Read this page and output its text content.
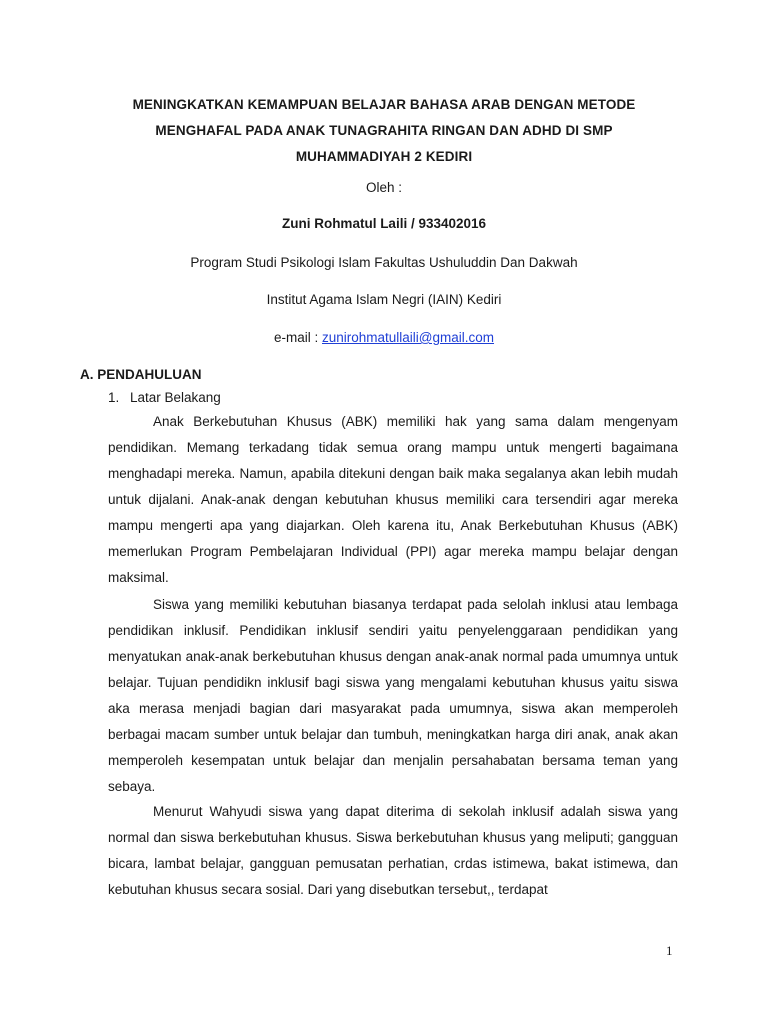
MENINGKATKAN KEMAMPUAN BELAJAR BAHASA ARAB DENGAN METODE
MENGHAFAL PADA ANAK TUNAGRAHITA RINGAN DAN ADHD DI SMP
MUHAMMADIYAH 2 KEDIRI
Oleh :
Zuni Rohmatul Laili / 933402016
Program Studi Psikologi Islam Fakultas Ushuluddin Dan Dakwah
Institut Agama Islam Negri (IAIN) Kediri
e-mail : zunirohmatullaili@gmail.com
A. PENDAHULUAN
1. Latar Belakang

Anak Berkebutuhan Khusus (ABK) memiliki hak yang sama dalam mengenyam pendidikan. Memang terkadang tidak semua orang mampu untuk mengerti bagaimana menghadapi mereka. Namun, apabila ditekuni dengan baik maka segalanya akan lebih mudah untuk dijalani. Anak-anak dengan kebutuhan khusus memiliki cara tersendiri agar mereka mampu mengerti apa yang diajarkan. Oleh karena itu, Anak Berkebutuhan Khusus (ABK) memerlukan Program Pembelajaran Individual (PPI) agar mereka mampu belajar dengan maksimal.

Siswa yang memiliki kebutuhan biasanya terdapat pada selolah inklusi atau lembaga pendidikan inklusif. Pendidikan inklusif sendiri yaitu penyelenggaraan pendidikan yang menyatukan anak-anak berkebutuhan khusus dengan anak-anak normal pada umumnya untuk belajar. Tujuan pendidikn inklusif bagi siswa yang mengalami kebutuhan khusus yaitu siswa aka merasa menjadi bagian dari masyarakat pada umumnya, siswa akan memperoleh berbagai macam sumber untuk belajar dan tumbuh, meningkatkan harga diri anak, anak akan memperoleh kesempatan untuk belajar dan menjalin persahabatan bersama teman yang sebaya.

Menurut Wahyudi siswa yang dapat diterima di sekolah inklusif adalah siswa yang normal dan siswa berkebutuhan khusus. Siswa berkebutuhan khusus yang meliputi; gangguan bicara, lambat belajar, gangguan pemusatan perhatian, crdas istimewa, bakat istimewa, dan kebutuhan khusus secara sosial. Dari yang disebutkan tersebut,, terdapat

1
